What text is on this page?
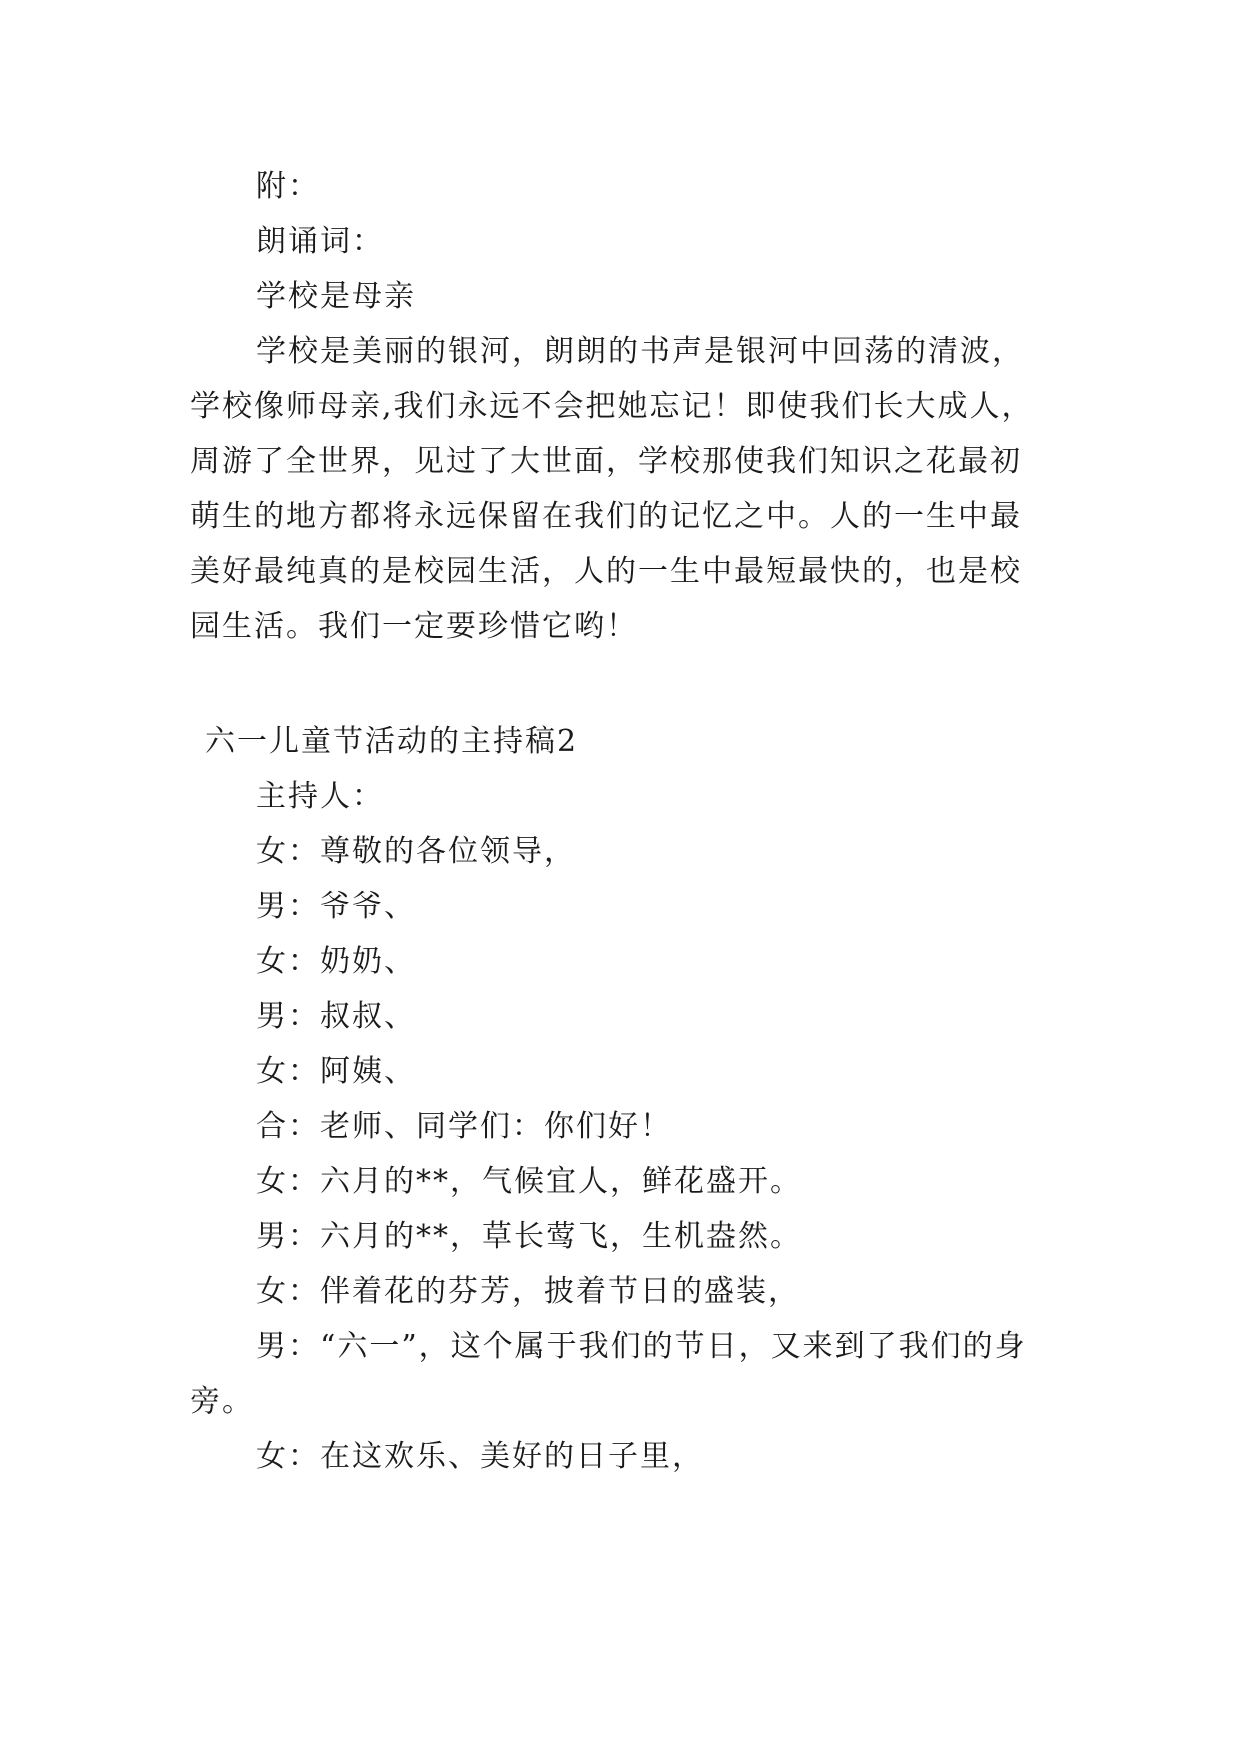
附：
朗诵词：
学校是母亲
学校是美丽的银河，朗朗的书声是银河中回荡的清波，
学校像师母亲,我们永远不会把她忘记！即使我们长大成人，
周游了全世界，见过了大世面，学校那使我们知识之花最初
萌生的地方都将永远保留在我们的记忆之中。人的一生中最
美好最纯真的是校园生活，人的一生中最短最快的，也是校
园生活。我们一定要珍惜它哟！
六一儿童节活动的主持稿2
主持人：
女：尊敬的各位领导，
男：爷爷、
女：奶奶、
男：叔叔、
女：阿姨、
合：老师、同学们：你们好！
女：六月的**，气候宜人，鲜花盛开。
男：六月的**，草长莺飞，生机盎然。
女：伴着花的芬芳，披着节日的盛装，
男：“六一”，这个属于我们的节日，又来到了我们的身
旁。
女：在这欢乐、美好的日子里，
